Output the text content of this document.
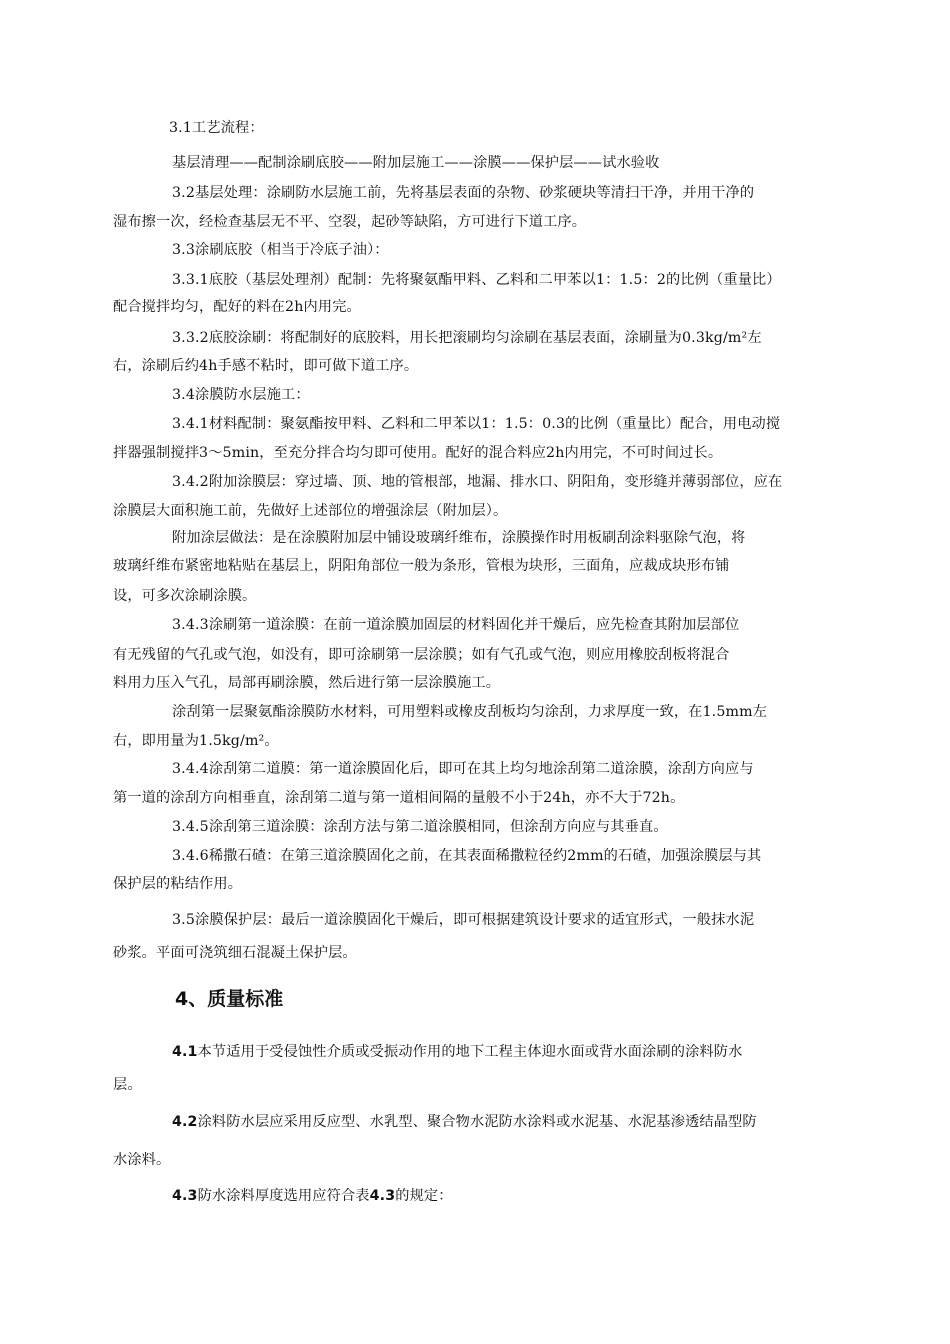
3.1工艺流程：
基层清理——配制涂刷底胶——附加层施工——涂膜——保护层——试水验收
3.2基层处理：涂刷防水层施工前，先将基层表面的杂物、砂浆硬块等清扫干净，并用干净的
湿布擦一次，经检查基层无不平、空裂，起砂等缺陷，方可进行下道工序。
3.3涂刷底胶（相当于冷底子油）：
3.3.1底胶（基层处理剂）配制：先将聚氨酯甲料、乙料和二甲苯以1：1.5：2的比例（重量比）
配合搅拌均匀，配好的料在2h内用完。
3.3.2底胶涂刷：将配制好的底胶料，用长把滚刷均匀涂刷在基层表面，涂刷量为0.3kg/m²左
右，涂刷后约4h手感不粘时，即可做下道工序。
3.4涂膜防水层施工：
3.4.1材料配制：聚氨酯按甲料、乙料和二甲苯以1：1.5：0.3的比例（重量比）配合，用电动搅
拌器强制搅拌3～5min，至充分拌合均匀即可使用。配好的混合料应2h内用完，不可时间过长。
3.4.2附加涂膜层：穿过墙、顶、地的管根部，地漏、排水口、阴阳角，变形缝并薄弱部位，应在
涂膜层大面积施工前，先做好上述部位的增强涂层（附加层）。
附加涂层做法：是在涂膜附加层中铺设玻璃纤维布，涂膜操作时用板刷刮涂料驱除气泡，将
玻璃纤维布紧密地粘贴在基层上，阴阳角部位一般为条形，管根为块形，三面角，应裁成块形布铺
设，可多次涂刷涂膜。
3.4.3涂刷第一道涂膜：在前一道涂膜加固层的材料固化并干燥后，应先检查其附加层部位
有无残留的气孔或气泡，如没有，即可涂刷第一层涂膜；如有气孔或气泡，则应用橡胶刮板将混合
料用力压入气孔，局部再刷涂膜，然后进行第一层涂膜施工。
涂刮第一层聚氨酯涂膜防水材料，可用塑料或橡皮刮板均匀涂刮，力求厚度一致，在1.5mm左
右，即用量为1.5kg/m²。
3.4.4涂刮第二道膜：第一道涂膜固化后，即可在其上均匀地涂刮第二道涂膜，涂刮方向应与
第一道的涂刮方向相垂直，涂刮第二道与第一道相间隔的量般不小于24h，亦不大于72h。
3.4.5涂刮第三道涂膜：涂刮方法与第二道涂膜相同，但涂刮方向应与其垂直。
3.4.6稀撒石碴：在第三道涂膜固化之前，在其表面稀撒粒径约2mm的石碴，加强涂膜层与其
保护层的粘结作用。
3.5涂膜保护层：最后一道涂膜固化干燥后，即可根据建筑设计要求的适宜形式，一般抹水泥
砂浆。平面可浇筑细石混凝土保护层。
4、质量标准
4.1本节适用于受侵蚀性介质或受振动作用的地下工程主体迎水面或背水面涂刷的涂料防水
层。
4.2涂料防水层应采用反应型、水乳型、聚合物水泥防水涂料或水泥基、水泥基渗透结晶型防
水涂料。
4.3防水涂料厚度选用应符合表4.3的规定：
